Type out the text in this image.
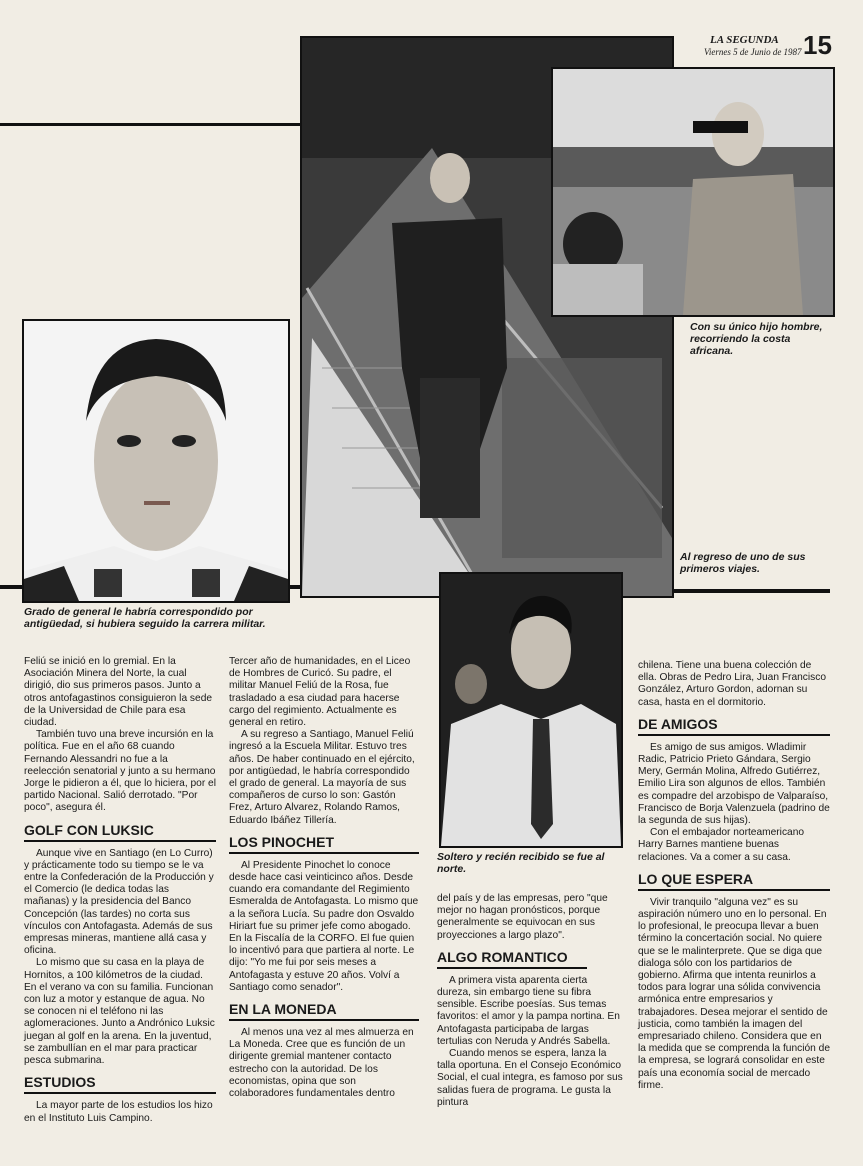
LA SEGUNDA
Viernes 5 de Junio de 1987 15
Con su único hijo hombre, recorriendo la costa africana.
Al regreso de uno de sus primeros viajes.
Grado de general le habría correspondido por antigüedad, si hubiera seguido la carrera militar.
Soltero y recién recibido se fue al norte.

Feliú se inició en lo gremial. En la Asociación Minera del Norte, la cual dirigió, dio sus primeros pasos. Junto a otros antofagastinos consiguieron la sede de la Universidad de Chile para esa ciudad.

También tuvo una breve incursión en la política. Fue en el año 68 cuando Fernando Alessandri no fue a la reelección senatorial y junto a su hermano Jorge le pidieron a él, que lo hiciera, por el partido Nacional. Salió derrotado. "Por poco", asegura él.

GOLF CON LUKSIC

Aunque vive en Santiago (en Lo Curro) y prácticamente todo su tiempo se le va entre la Confederación de la Producción y el Comercio (le dedica todas las mañanas) y la presidencia del Banco Concepción (las tardes) no corta sus vínculos con Antofagasta. Además de sus empresas mineras, mantiene allá casa y oficina.

Lo mismo que su casa en la playa de Hornitos, a 100 kilómetros de la ciudad. En el verano va con su familia. Funcionan con luz a motor y estanque de agua. No se conocen ni el teléfono ni las aglomeraciones. Junto a Andrónico Luksic juegan al golf en la arena. En la juventud, se zambullían en el mar para practicar pesca submarina.

ESTUDIOS

La mayor parte de los estudios los hizo en el Instituto Luis Campino.

Tercer año de humanidades, en el Liceo de Hombres de Curicó. Su padre, el militar Manuel Feliú de la Rosa, fue trasladado a esa ciudad para hacerse cargo del regimiento. Actualmente es general en retiro.

A su regreso a Santiago, Manuel Feliú ingresó a la Escuela Militar. Estuvo tres años. De haber continuado en el ejército, por antigüedad, le habría correspondido el grado de general. La mayoría de sus compañeros de curso lo son: Gastón Frez, Arturo Alvarez, Rolando Ramos, Eduardo Ibáñez Tillería.

LOS PINOCHET

Al Presidente Pinochet lo conoce desde hace casi veinticinco años. Desde cuando era comandante del Regimiento Esmeralda de Antofagasta. Lo mismo que a la señora Lucía. Su padre don Osvaldo Hiriart fue su primer jefe como abogado. En la Fiscalía de la CORFO. El fue quien lo incentivó para que partiera al norte. Le dijo: "Yo me fui por seis meses a Antofagasta y estuve 20 años. Volví a Santiago como senador".

EN LA MONEDA

Al menos una vez al mes almuerza en La Moneda. Cree que es función de un dirigente gremial mantener contacto estrecho con la autoridad. De los economistas, opina que son colaboradores fundamentales dentro

del país y de las empresas, pero "que mejor no hagan pronósticos, porque generalmente se equivocan en sus proyecciones a largo plazo".

ALGO ROMANTICO

A primera vista aparenta cierta dureza, sin embargo tiene su fibra sensible. Escribe poesías. Sus temas favoritos: el amor y la pampa nortina. En Antofagasta participaba de largas tertulias con Neruda y Andrés Sabella.

Cuando menos se espera, lanza la talla oportuna. En el Consejo Económico Social, el cual integra, es famoso por sus salidas fuera de programa. Le gusta la pintura

chilena. Tiene una buena colección de ella. Obras de Pedro Lira, Juan Francisco González, Arturo Gordon, adornan su casa, hasta en el dormitorio.

DE AMIGOS

Es amigo de sus amigos. Wladimir Radic, Patricio Prieto Gándara, Sergio Mery, Germán Molina, Alfredo Gutiérrez, Emilio Lira son algunos de ellos. También es compadre del arzobispo de Valparaíso, Francisco de Borja Valenzuela (padrino de la segunda de sus hijas).

Con el embajador norteamericano Harry Barnes mantiene buenas relaciones. Va a comer a su casa.

LO QUE ESPERA

Vivir tranquilo "alguna vez" es su aspiración número uno en lo personal. En lo profesional, le preocupa llevar a buen término la concertación social. No quiere que se le malinterprete. Que se diga que dialoga sólo con los partidarios de gobierno. Afirma que intenta reunirlos a todos para lograr una sólida convivencia armónica entre empresarios y trabajadores. Desea mejorar el sentido de justicia, como también la imagen del empresariado chileno. Considera que en la medida que se comprenda la función de la empresa, se logrará consolidar en este país una economía social de mercado firme.
